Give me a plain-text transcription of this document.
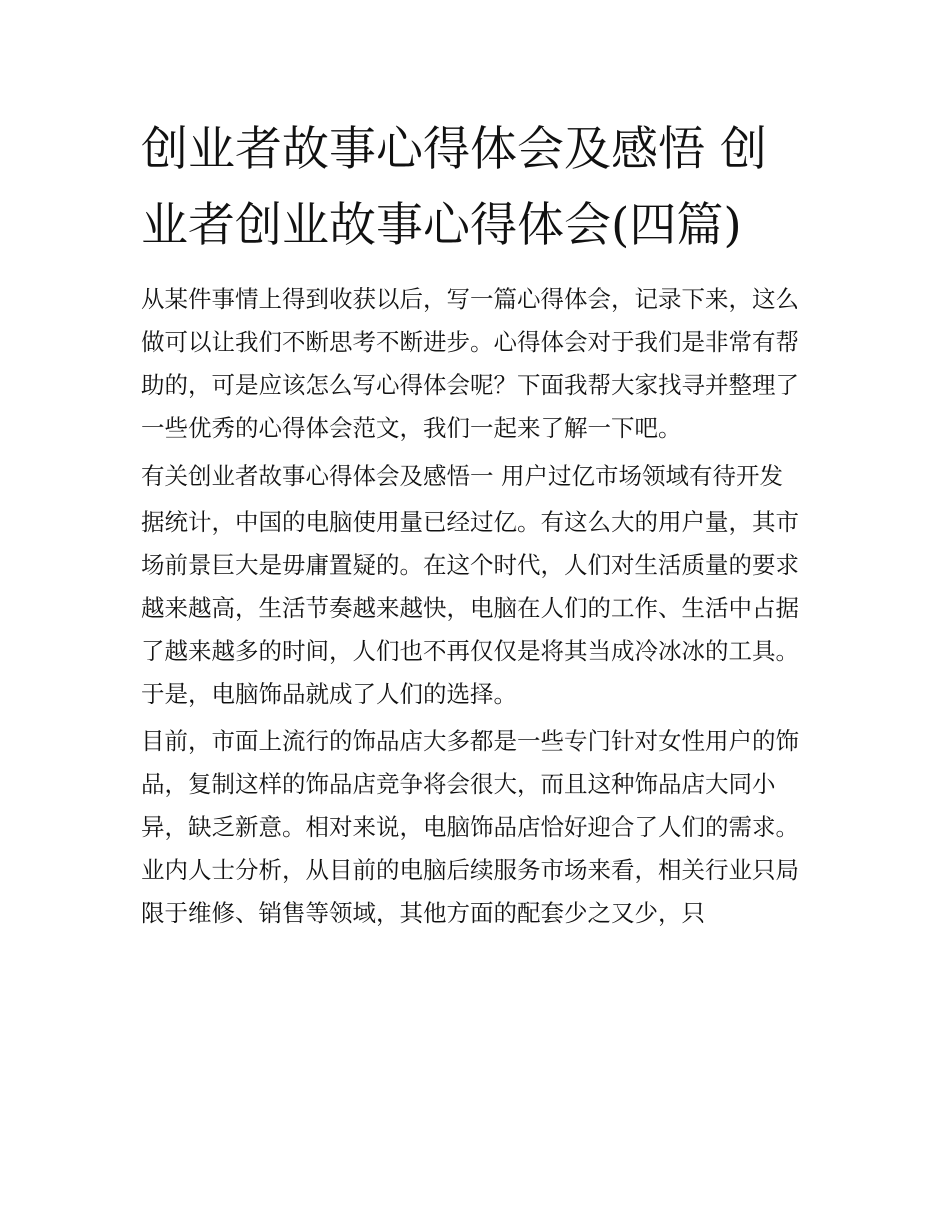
创业者故事心得体会及感悟 创业者创业故事心得体会(四篇)

从某件事情上得到收获以后，写一篇心得体会，记录下来，这么做可以让我们不断思考不断进步。心得体会对于我们是非常有帮助的，可是应该怎么写心得体会呢？下面我帮大家找寻并整理了一些优秀的心得体会范文，我们一起来了解一下吧。

有关创业者故事心得体会及感悟一 用户过亿市场领域有待开发

据统计，中国的电脑使用量已经过亿。有这么大的用户量，其市场前景巨大是毋庸置疑的。在这个时代，人们对生活质量的要求越来越高，生活节奏越来越快，电脑在人们的工作、生活中占据了越来越多的时间，人们也不再仅仅是将其当成冷冰冰的工具。于是，电脑饰品就成了人们的选择。

目前，市面上流行的饰品店大多都是一些专门针对女性用户的饰品，复制这样的饰品店竞争将会很大，而且这种饰品店大同小异，缺乏新意。相对来说，电脑饰品店恰好迎合了人们的需求。业内人士分析，从目前的电脑后续服务市场来看，相关行业只局限于维修、销售等领域，其他方面的配套少之又少，只
